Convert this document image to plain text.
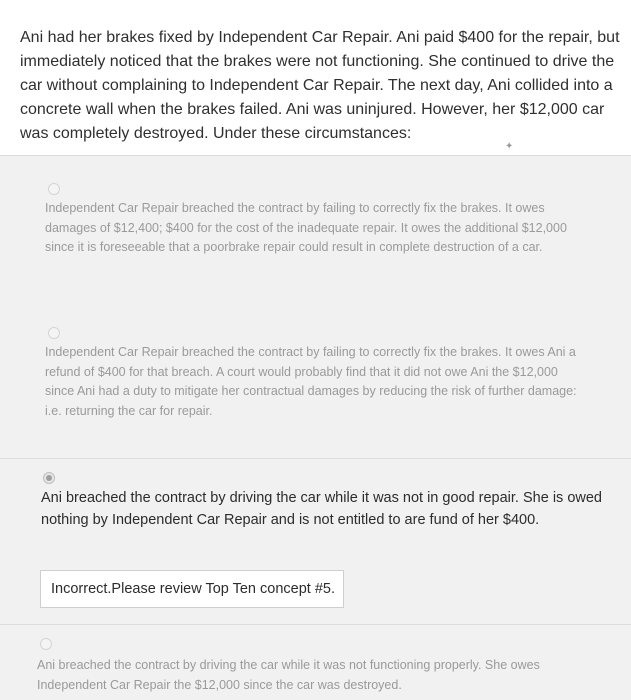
Ani had her brakes fixed by Independent Car Repair. Ani paid $400 for the repair, but immediately noticed that the brakes were not functioning. She continued to drive the car without complaining to Independent Car Repair. The next day, Ani collided into a concrete wall when the brakes failed. Ani was uninjured. However, her $12,000 car was completely destroyed. Under these circumstances:

✦

Independent Car Repair breached the contract by failing to correctly fix the brakes. It owes damages of $12,400; $400 for the cost of the inadequate repair. It owes the additional $12,000 since it is foreseeable that a poorbrake repair could result in complete destruction of a car.

Independent Car Repair breached the contract by failing to correctly fix the brakes. It owes Ani a refund of $400 for that breach. A court would probably find that it did not owe Ani the $12,000 since Ani had a duty to mitigate her contractual damages by reducing the risk of further damage: i.e. returning the car for repair.

Ani breached the contract by driving the car while it was not in good repair. She is owed nothing by Independent Car Repair and is not entitled to are fund of her $400.

Incorrect.Please review Top Ten concept #5.

Ani breached the contract by driving the car while it was not functioning properly. She owes Independent Car Repair the $12,000 since the car was destroyed.
